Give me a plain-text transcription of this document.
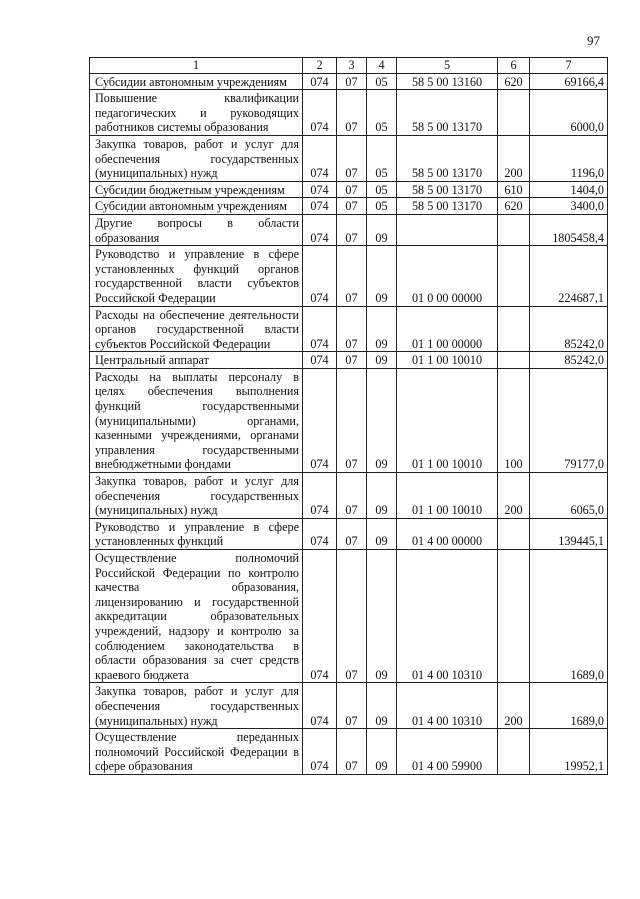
97
1	2	3	4	5	6	7
Субсидии автономным учреждениям	074	07	05	58 5 00 13160	620	69166,4
Повышение квалификации педагогических и руководящих работников системы образования	074	07	05	58 5 00 13170		6000,0
Закупка товаров, работ и услуг для обеспечения государственных (муниципальных) нужд	074	07	05	58 5 00 13170	200	1196,0
Субсидии бюджетным учреждениям	074	07	05	58 5 00 13170	610	1404,0
Субсидии автономным учреждениям	074	07	05	58 5 00 13170	620	3400,0
Другие вопросы в области образования	074	07	09			1805458,4
Руководство и управление в сфере установленных функций органов государственной власти субъектов Российской Федерации	074	07	09	01 0 00 00000		224687,1
Расходы на обеспечение деятельности органов государственной власти субъектов Российской Федерации	074	07	09	01 1 00 00000		85242,0
Центральный аппарат	074	07	09	01 1 00 10010		85242,0
Расходы на выплаты персоналу в целях обеспечения выполнения функций государственными (муниципальными) органами, казенными учреждениями, органами управления государственными внебюджетными фондами	074	07	09	01 1 00 10010	100	79177,0
Закупка товаров, работ и услуг для обеспечения государственных (муниципальных) нужд	074	07	09	01 1 00 10010	200	6065,0
Руководство и управление в сфере установленных функций	074	07	09	01 4 00 00000		139445,1
Осуществление полномочий Российской Федерации по контролю качества образования, лицензированию и государственной аккредитации образовательных учреждений, надзору и контролю за соблюдением законодательства в области образования за счет средств краевого бюджета	074	07	09	01 4 00 10310		1689,0
Закупка товаров, работ и услуг для обеспечения государственных (муниципальных) нужд	074	07	09	01 4 00 10310	200	1689,0
Осуществление переданных полномочий Российской Федерации в сфере образования	074	07	09	01 4 00 59900		19952,1
